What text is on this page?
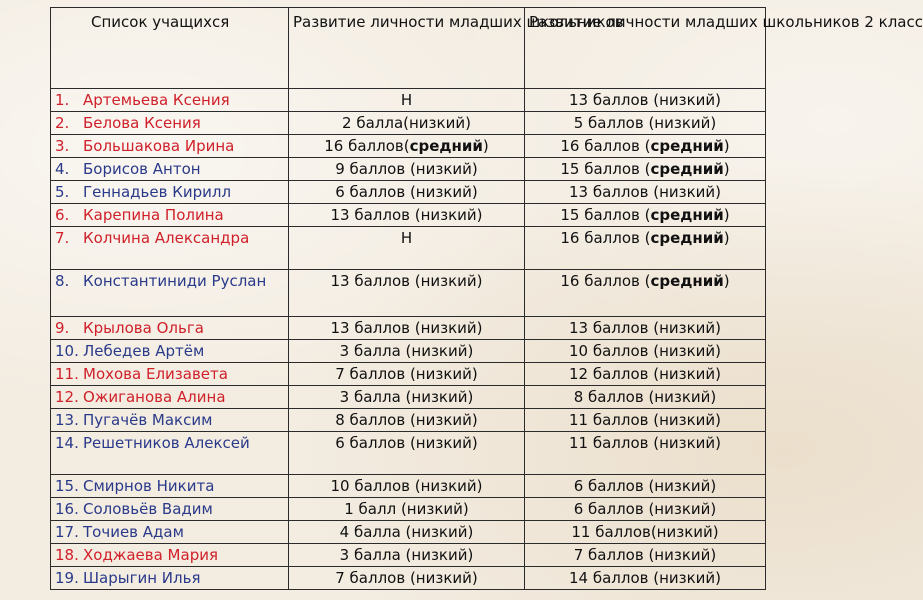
Список учащихся	Развитие личности младших школьников	Развитие личности младших школьников 2 класс
1. Артемьева Ксения	Н	13 баллов (низкий)
2. Белова Ксения	2 балла(низкий)	5 баллов (низкий)
3. Большакова Ирина	16 баллов(средний)	16 баллов (средний)
4. Борисов Антон	9 баллов (низкий)	15 баллов (средний)
5. Геннадьев Кирилл	6 баллов (низкий)	13 баллов (низкий)
6. Карепина Полина	13 баллов (низкий)	15 баллов (средний)
7. Колчина Александра	Н	16 баллов (средний)
8. Константиниди Руслан	13 баллов (низкий)	16 баллов (средний)
9. Крылова Ольга	13 баллов (низкий)	13 баллов (низкий)
10. Лебедев Артём	3 балла (низкий)	10 баллов (низкий)
11. Мохова Елизавета	7 баллов (низкий)	12 баллов (низкий)
12. Ожиганова Алина	3 балла (низкий)	8 баллов (низкий)
13. Пугачёв Максим	8 баллов (низкий)	11 баллов (низкий)
14. Решетников Алексей	6 баллов (низкий)	11 баллов (низкий)
15. Смирнов Никита	10 баллов (низкий)	6 баллов (низкий)
16. Соловьёв Вадим	1 балл (низкий)	6 баллов (низкий)
17. Точиев Адам	4 балла (низкий)	11 баллов(низкий)
18. Ходжаева Мария	3 балла (низкий)	7 баллов (низкий)
19. Шарыгин Илья	7 баллов (низкий)	14 баллов (низкий)
